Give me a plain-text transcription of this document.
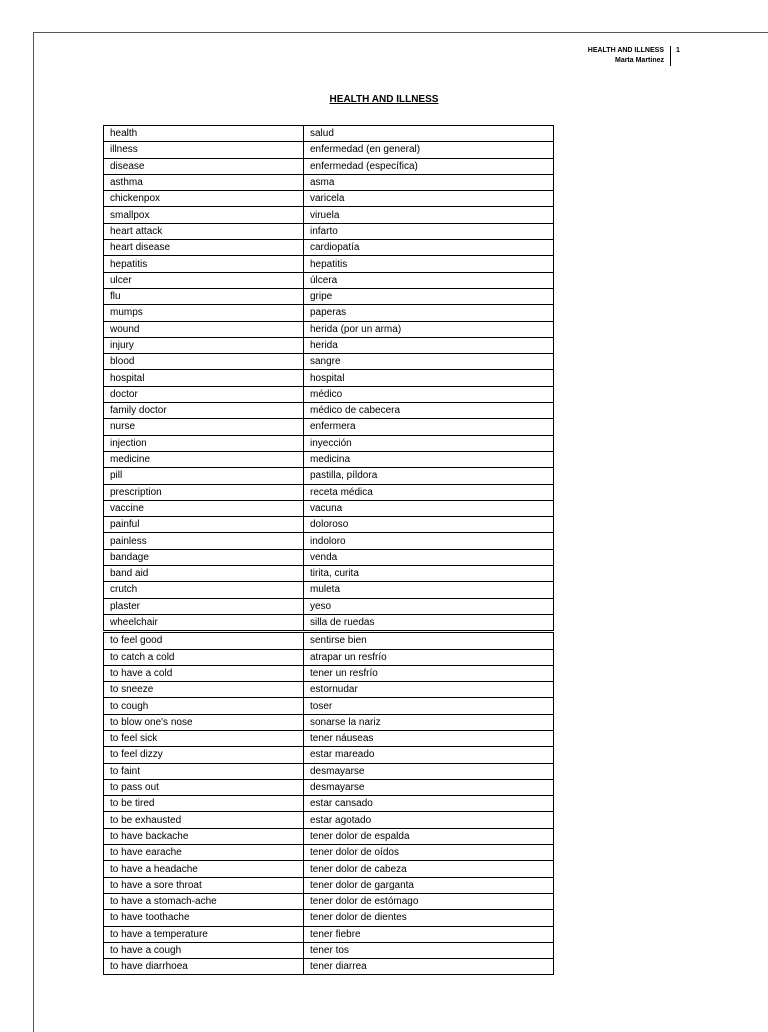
HEALTH AND ILLNESS
Marta Martinez
1
HEALTH AND ILLNESS
health	salud
illness	enfermedad (en general)
disease	enfermedad (específica)
asthma	asma
chickenpox	varicela
smallpox	viruela
heart attack	infarto
heart disease	cardiopatía
hepatitis	hepatitis
ulcer	úlcera
flu	gripe
mumps	paperas
wound	herida (por un arma)
injury	herida
blood	sangre
hospital	hospital
doctor	médico
family doctor	médico de cabecera
nurse	enfermera
injection	inyección
medicine	medicina
pill	pastilla, píldora
prescription	receta médica
vaccine	vacuna
painful	doloroso
painless	indoloro
bandage	venda
band aid	tirita, curita
crutch	muleta
plaster	yeso
wheelchair	silla de ruedas
to feel good	sentirse bien
to catch a cold	atrapar un resfrío
to have a cold	tener un resfrío
to sneeze	estornudar
to cough	toser
to blow one's nose	sonarse la nariz
to feel sick	tener náuseas
to feel dizzy	estar mareado
to faint	desmayarse
to pass out	desmayarse
to be tired	estar cansado
to be exhausted	estar agotado
to have backache	tener dolor de espalda
to have earache	tener dolor de oídos
to have a headache	tener dolor de cabeza
to have a sore throat	tener dolor de garganta
to have a stomach-ache	tener dolor de estómago
to have toothache	tener dolor de dientes
to have a temperature	tener fiebre
to have a cough	tener tos
to have diarrhoea	tener diarrea
